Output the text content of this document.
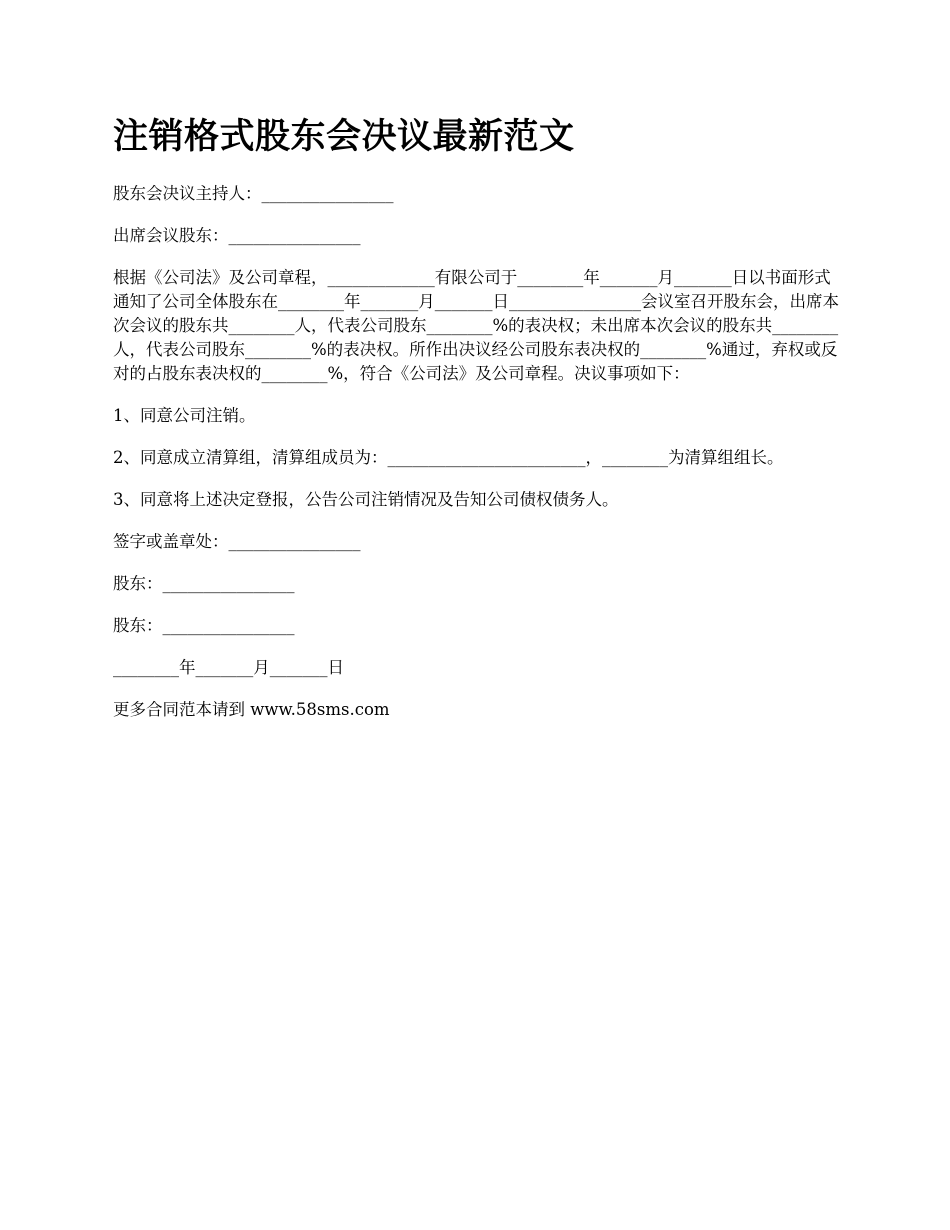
注销格式股东会决议最新范文

股东会决议主持人：________________

出席会议股东：________________

根据《公司法》及公司章程，_____________有限公司于________年_______月_______日以书面形式通知了公司全体股东在________年_______月_______日________________会议室召开股东会，出席本次会议的股东共________人，代表公司股东________%的表决权；未出席本次会议的股东共________人，代表公司股东________%的表决权。所作出决议经公司股东表决权的________%通过，弃权或反对的占股东表决权的________%，符合《公司法》及公司章程。决议事项如下：

1、同意公司注销。

2、同意成立清算组，清算组成员为：________________________，________为清算组组长。

3、同意将上述决定登报，公告公司注销情况及告知公司债权债务人。

签字或盖章处：________________

股东：________________

股东：________________

________年_______月_______日

更多合同范本请到 www.58sms.com
